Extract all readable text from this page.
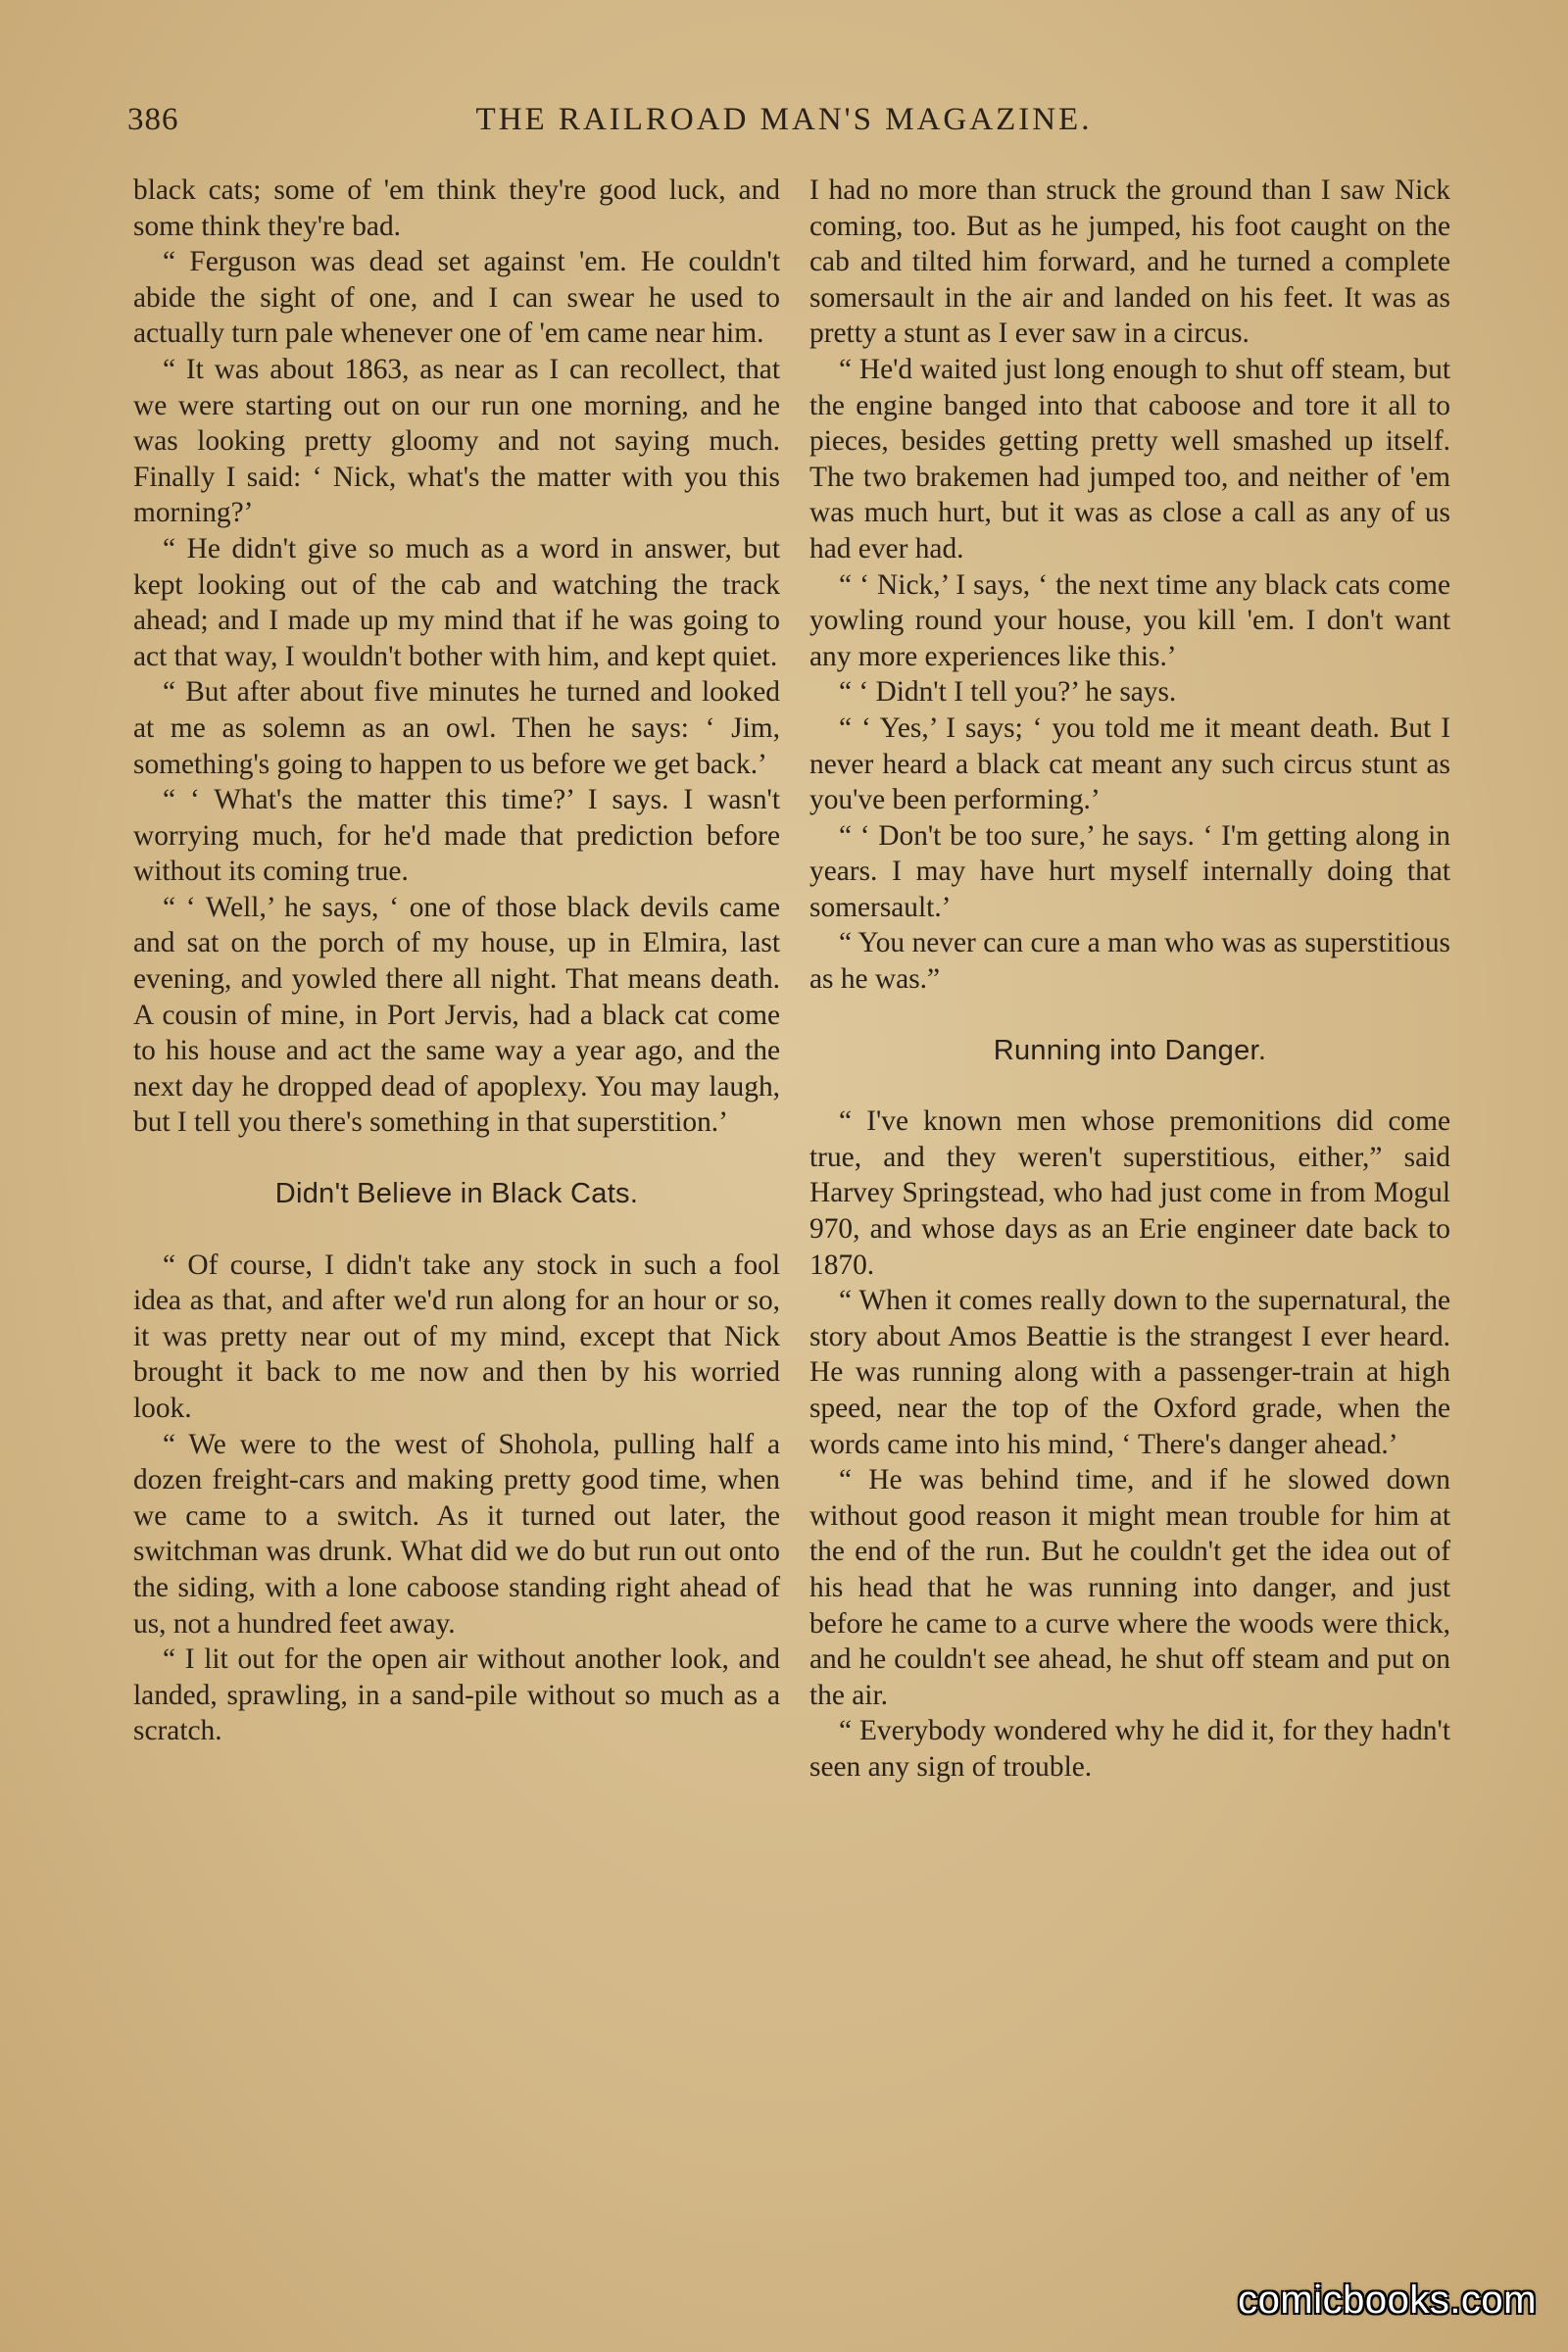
386	THE RAILROAD MAN'S MAGAZINE.

black cats; some of 'em think they're good luck, and some think they're bad.

“ Ferguson was dead set against 'em. He couldn't abide the sight of one, and I can swear he used to actually turn pale whenever one of 'em came near him.

“ It was about 1863, as near as I can recollect, that we were starting out on our run one morning, and he was looking pretty gloomy and not saying much. Finally I said: ‘ Nick, what's the matter with you this morning?’

“ He didn't give so much as a word in answer, but kept looking out of the cab and watching the track ahead; and I made up my mind that if he was going to act that way, I wouldn't bother with him, and kept quiet.

“ But after about five minutes he turned and looked at me as solemn as an owl. Then he says: ‘ Jim, something's going to happen to us before we get back.’

“ ‘ What's the matter this time?’ I says. I wasn't worrying much, for he'd made that prediction before without its coming true.

“ ‘ Well,’ he says, ‘ one of those black devils came and sat on the porch of my house, up in Elmira, last evening, and yowled there all night. That means death. A cousin of mine, in Port Jervis, had a black cat come to his house and act the same way a year ago, and the next day he dropped dead of apoplexy. You may laugh, but I tell you there's something in that superstition.’

Didn't Believe in Black Cats.

“ Of course, I didn't take any stock in such a fool idea as that, and after we'd run along for an hour or so, it was pretty near out of my mind, except that Nick brought it back to me now and then by his worried look.

“ We were to the west of Shohola, pulling half a dozen freight-cars and making pretty good time, when we came to a switch. As it turned out later, the switchman was drunk. What did we do but run out onto the siding, with a lone caboose standing right ahead of us, not a hundred feet away.

“ I lit out for the open air without another look, and landed, sprawling, in a sand-pile without so much as a scratch.

I had no more than struck the ground than I saw Nick coming, too. But as he jumped, his foot caught on the cab and tilted him forward, and he turned a complete somersault in the air and landed on his feet. It was as pretty a stunt as I ever saw in a circus.

“ He'd waited just long enough to shut off steam, but the engine banged into that caboose and tore it all to pieces, besides getting pretty well smashed up itself. The two brakemen had jumped too, and neither of 'em was much hurt, but it was as close a call as any of us had ever had.

“ ‘ Nick,’ I says, ‘ the next time any black cats come yowling round your house, you kill 'em. I don't want any more experiences like this.’

“ ‘ Didn't I tell you?’ he says.

“ ‘ Yes,’ I says; ‘ you told me it meant death. But I never heard a black cat meant any such circus stunt as you've been performing.’

“ ‘ Don't be too sure,’ he says. ‘ I'm getting along in years. I may have hurt myself internally doing that somersault.’

“ You never can cure a man who was as superstitious as he was.”

Running into Danger.

“ I've known men whose premonitions did come true, and they weren't superstitious, either,” said Harvey Springstead, who had just come in from Mogul 970, and whose days as an Erie engineer date back to 1870.

“ When it comes really down to the supernatural, the story about Amos Beattie is the strangest I ever heard. He was running along with a passenger-train at high speed, near the top of the Oxford grade, when the words came into his mind, ‘ There's danger ahead.’

“ He was behind time, and if he slowed down without good reason it might mean trouble for him at the end of the run. But he couldn't get the idea out of his head that he was running into danger, and just before he came to a curve where the woods were thick, and he couldn't see ahead, he shut off steam and put on the air.

“ Everybody wondered why he did it, for they hadn't seen any sign of trouble.

comicbooks.com
